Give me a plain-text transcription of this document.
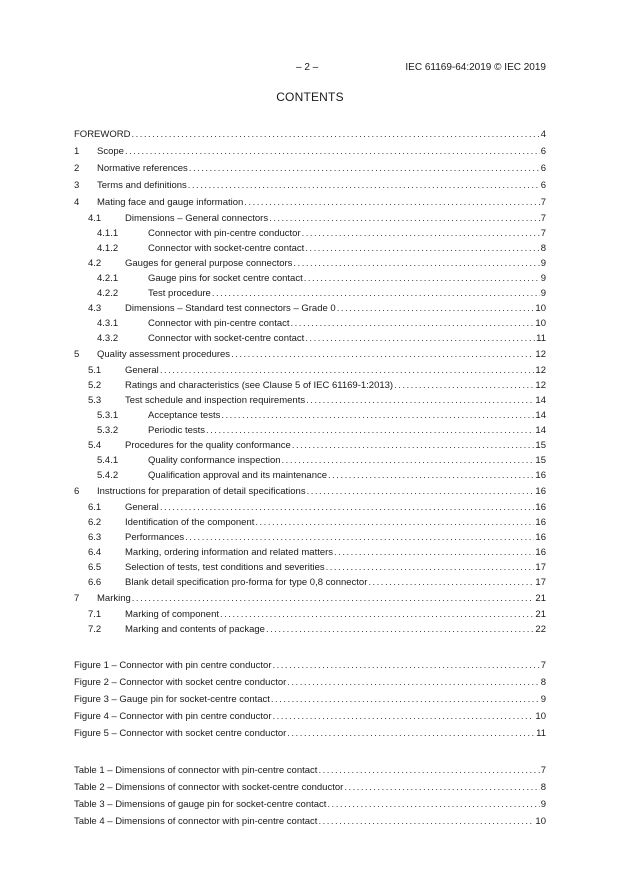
– 2 –	IEC 61169-64:2019 © IEC 2019
CONTENTS
FOREWORD .....	4
1 Scope .....	6
2 Normative references .....	6
3 Terms and definitions .....	6
4 Mating face and gauge information .....	7
4.1	Dimensions – General connectors .....	7
4.1.1	Connector with pin-centre conductor .....	7
4.1.2	Connector with socket-centre contact .....	8
4.2	Gauges for general purpose connectors .....	9
4.2.1	Gauge pins for socket centre contact .....	9
4.2.2	Test procedure .....	9
4.3	Dimensions – Standard test connectors – Grade 0 .....	10
4.3.1	Connector with pin-centre contact .....	10
4.3.2	Connector with socket-centre contact .....	11
5 Quality assessment procedures .....	12
5.1	General .....	12
5.2	Ratings and characteristics (see Clause 5 of IEC 61169-1:2013) .....	12
5.3	Test schedule and inspection requirements .....	14
5.3.1	Acceptance tests .....	14
5.3.2	Periodic tests .....	14
5.4	Procedures for the quality conformance .....	15
5.4.1	Quality conformance inspection .....	15
5.4.2	Qualification approval and its maintenance .....	16
6 Instructions for preparation of detail specifications .....	16
6.1	General .....	16
6.2	Identification of the component .....	16
6.3	Performances .....	16
6.4	Marking, ordering information and related matters .....	16
6.5	Selection of tests, test conditions and severities .....	17
6.6	Blank detail specification pro-forma for type 0,8 connector .....	17
7 Marking .....	21
7.1	Marking of component .....	21
7.2	Marking and contents of package .....	22
Figure 1 – Connector with pin centre conductor .....	7
Figure 2 – Connector with socket centre conductor .....	8
Figure 3 – Gauge pin for socket-centre contact .....	9
Figure 4 – Connector with pin centre conductor .....	10
Figure 5 – Connector with socket centre conductor .....	11
Table 1 – Dimensions of connector with pin-centre contact .....	7
Table 2 – Dimensions of connector with socket-centre conductor .....	8
Table 3 – Dimensions of gauge pin for socket-centre contact .....	9
Table 4 – Dimensions of connector with pin-centre contact .....	10
